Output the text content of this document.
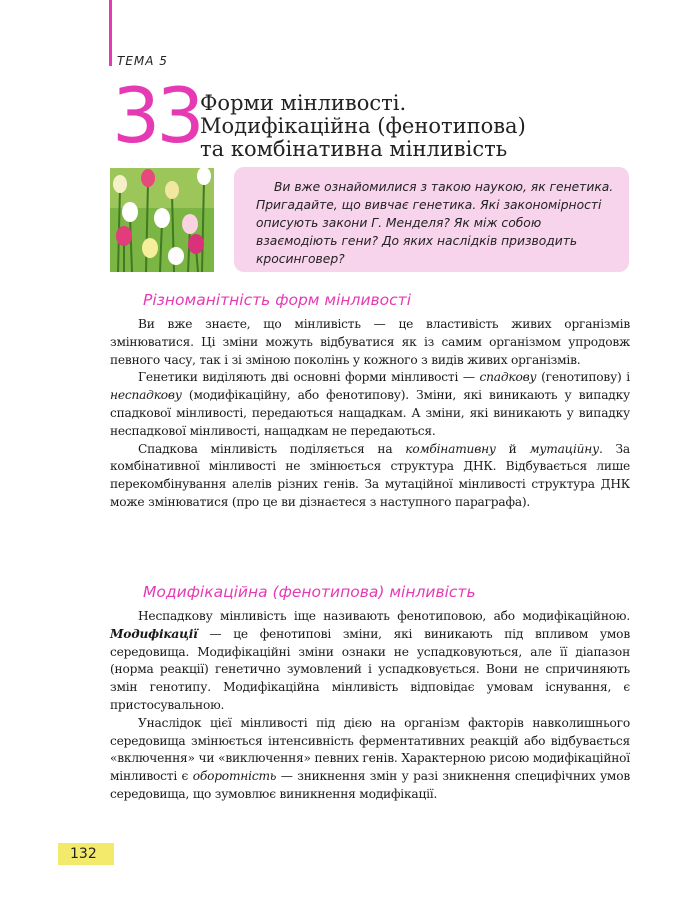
ТЕМА 5
33 Форми мінливості.
Модифікаційна (фенотипова)
та комбінативна мінливість

Ви вже ознайомилися з такою наукою, як генетика. Пригадайте, що вивчає генетика. Які закономірності описують закони Г. Менделя? Як між собою взаємодіють гени? До яких наслідків призводить кросинговер?

Різноманітність форм мінливості

Ви вже знаєте, що мінливість — це властивість живих організмів змінюватися. Ці зміни можуть відбуватися як із самим організмом упродовж певного часу, так і зі зміною поколінь у кожного з видів живих організмів.

Генетики виділяють дві основні форми мінливості — спадкову (генотипову) і неспадкову (модифікаційну, або фенотипову). Зміни, які виникають у випадку спадкової мінливості, передаються нащадкам. А зміни, які виникають у випадку неспадкової мінливості, нащадкам не передаються.

Спадкова мінливість поділяється на комбінативну й мутаційну. За комбінативної мінливості не змінюється структура ДНК. Відбувається лише перекомбінування алелів різних генів. За мутаційної мінливості структура ДНК може змінюватися (про це ви дізнаєтеся з наступного параграфа).

Модифікаційна (фенотипова) мінливість

Неспадкову мінливість іще називають фенотиповою, або модифікаційною. Модифікації — це фенотипові зміни, які виникають під впливом умов середовища. Модифікаційні зміни ознаки не успадковуються, але її діапазон (норма реакції) генетично зумовлений і успадковується. Вони не спричиняють змін генотипу. Модифікаційна мінливість відповідає умовам існування, є пристосувальною.

Унаслідок цієї мінливості під дією на організм факторів навколишнього середовища змінюється інтенсивність ферментативних реакцій або відбувається «включення» чи «виключення» певних генів. Характерною рисою модифікаційної мінливості є оборотність — зникнення змін у разі зникнення специфічних умов середовища, що зумовлює виникнення модифікації.

132
